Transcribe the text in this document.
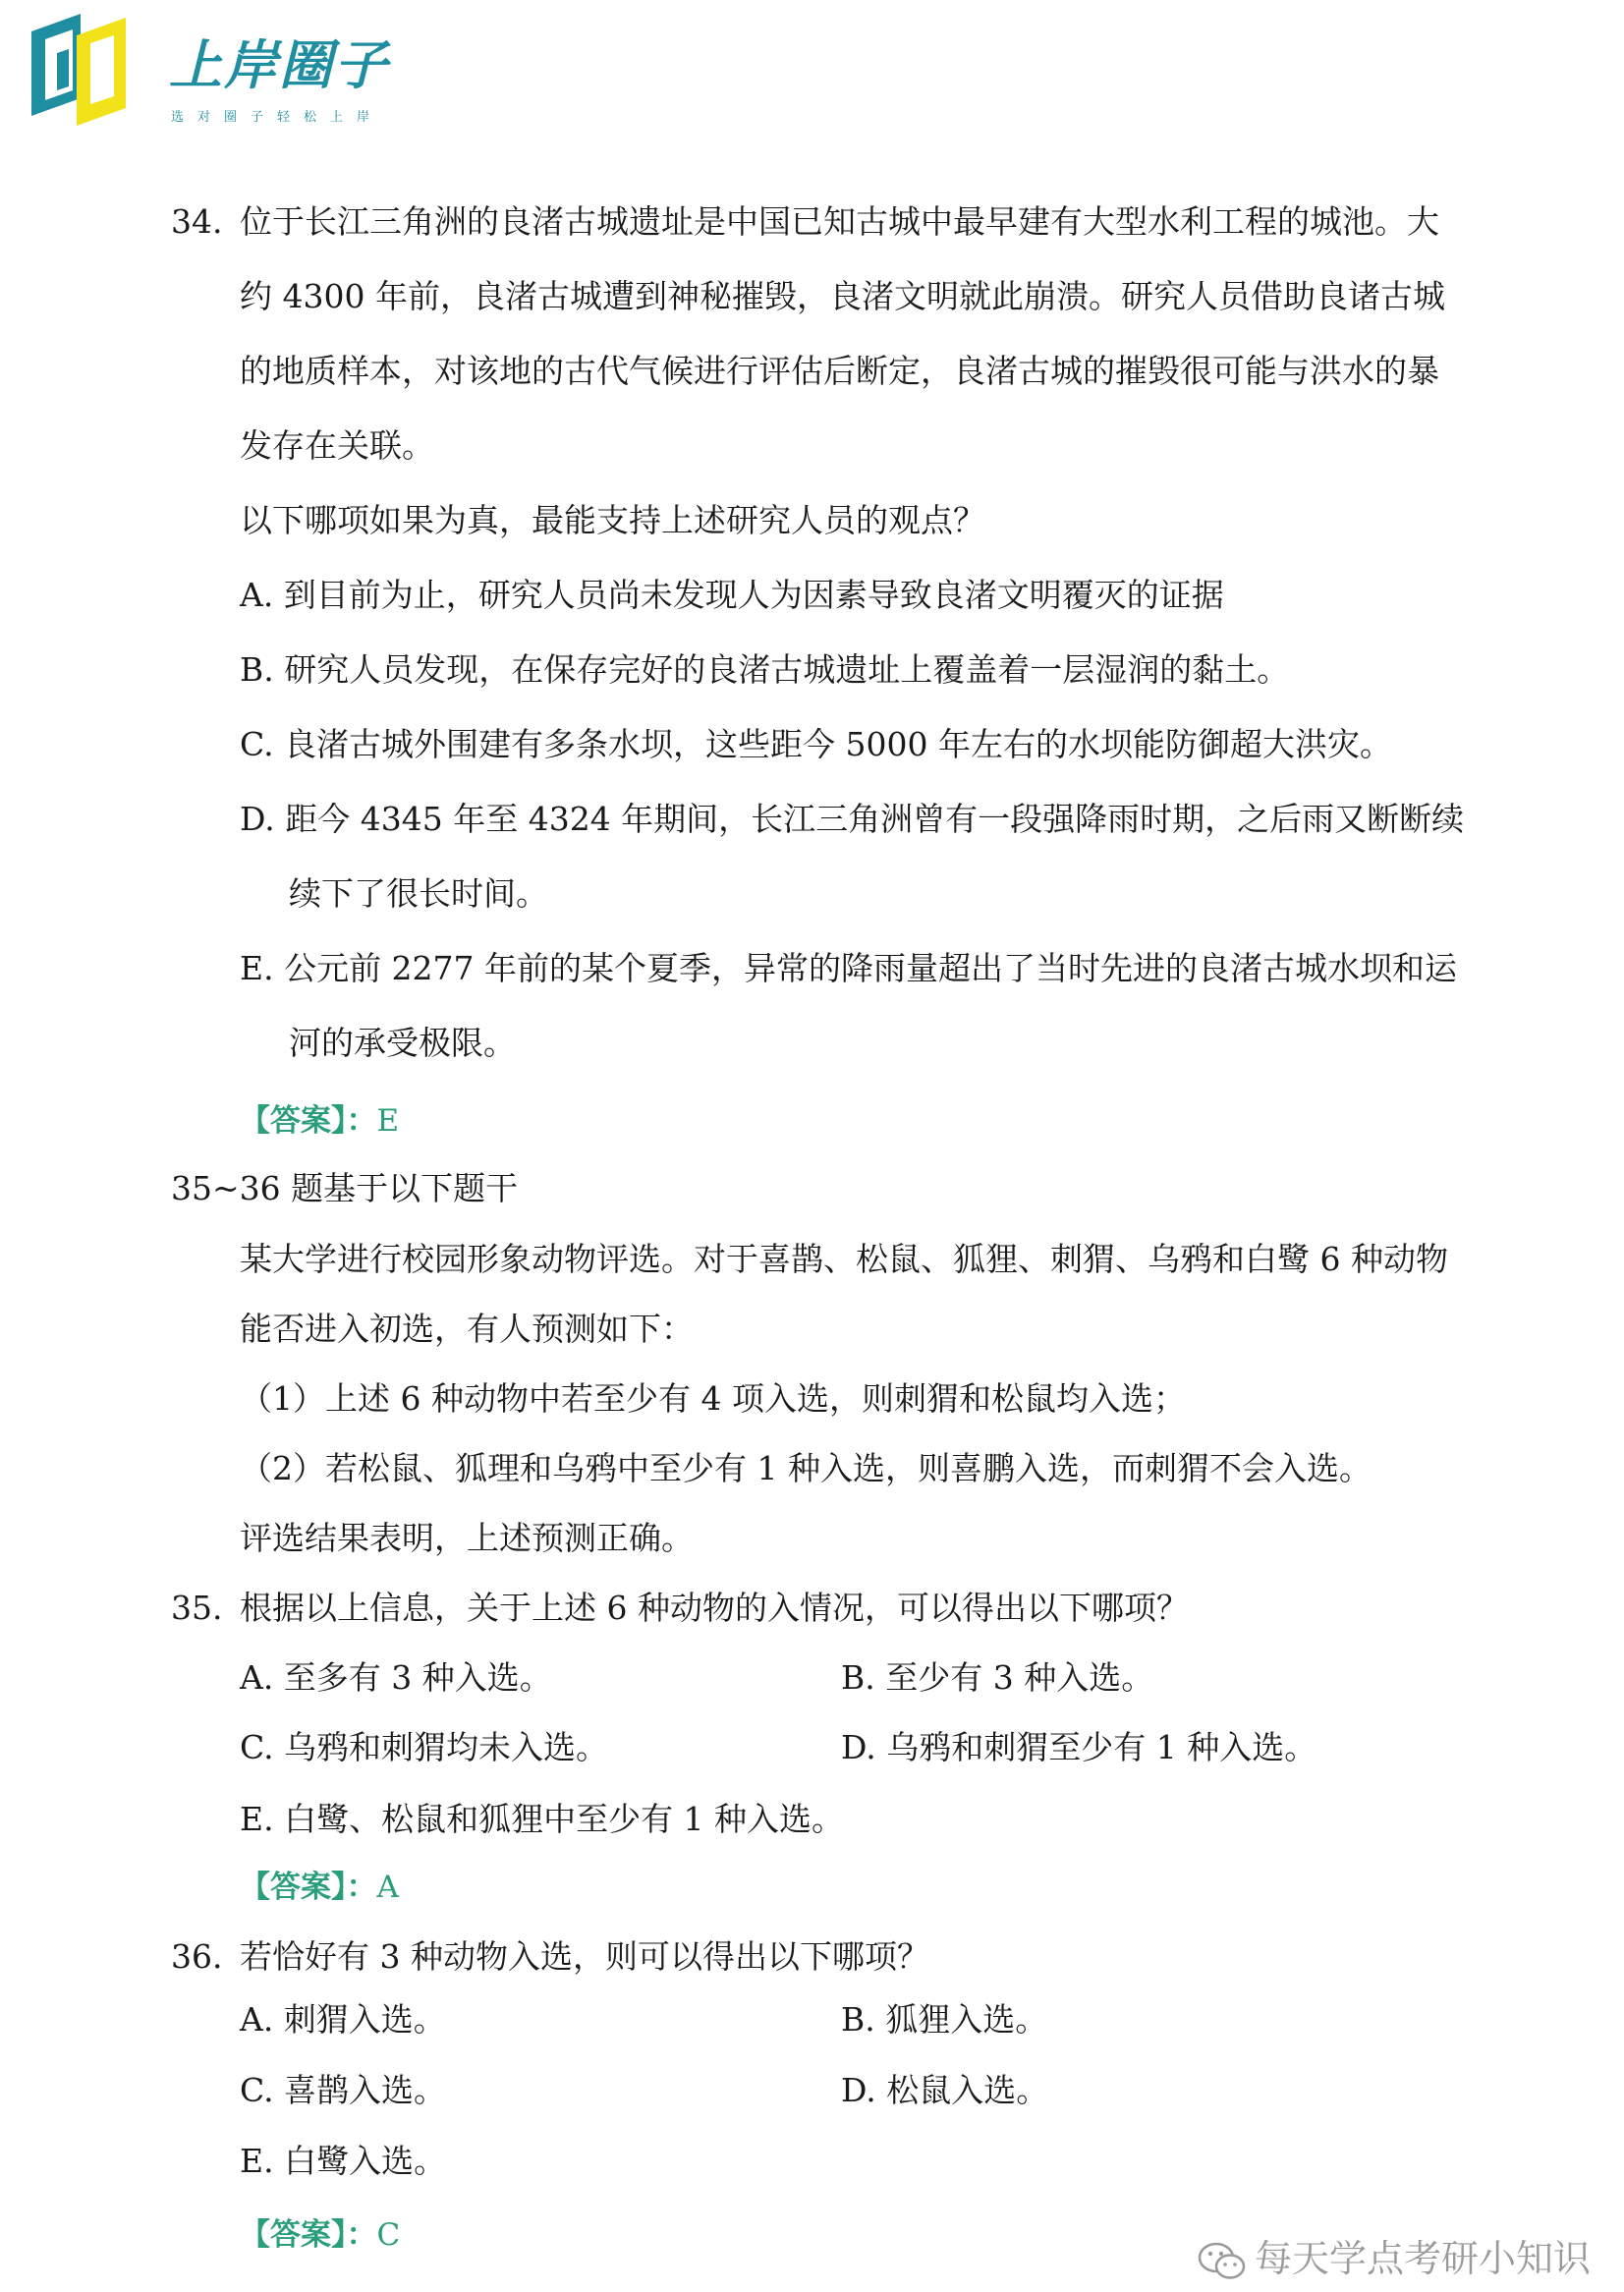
上岸圈子
选对圈子轻松上岸
34. 位于长江三角洲的良渚古城遗址是中国已知古城中最早建有大型水利工程的城池。大
约 4300 年前，良渚古城遭到神秘摧毁，良渚文明就此崩溃。研究人员借助良诸古城
的地质样本，对该地的古代气候进行评估后断定，良渚古城的摧毁很可能与洪水的暴
发存在关联。
以下哪项如果为真，最能支持上述研究人员的观点？
A. 到目前为止，研究人员尚未发现人为因素导致良渚文明覆灭的证据
B. 研究人员发现，在保存完好的良渚古城遗址上覆盖着一层湿润的黏土。
C. 良渚古城外围建有多条水坝，这些距今 5000 年左右的水坝能防御超大洪灾。
D. 距今 4345 年至 4324 年期间，长江三角洲曾有一段强降雨时期，之后雨又断断续
续下了很长时间。
E. 公元前 2277 年前的某个夏季，异常的降雨量超出了当时先进的良渚古城水坝和运
河的承受极限。
【答案】：E
35~36 题基于以下题干
某大学进行校园形象动物评选。对于喜鹊、松鼠、狐狸、刺猬、乌鸦和白鹭 6 种动物
能否进入初选，有人预测如下：
（1）上述 6 种动物中若至少有 4 项入选，则刺猬和松鼠均入选；
（2）若松鼠、狐理和乌鸦中至少有 1 种入选，则喜鹏入选，而刺猬不会入选。
评选结果表明，上述预测正确。
35. 根据以上信息，关于上述 6 种动物的入情况，可以得出以下哪项？
A. 至多有 3 种入选。	B. 至少有 3 种入选。
C. 乌鸦和刺猬均未入选。	D. 乌鸦和刺猬至少有 1 种入选。
E. 白鹭、松鼠和狐狸中至少有 1 种入选。
【答案】：A
36. 若恰好有 3 种动物入选，则可以得出以下哪项？
A. 刺猬入选。	B. 狐狸入选。
C. 喜鹊入选。	D. 松鼠入选。
E. 白鹭入选。
【答案】：C
每天学点考研小知识
